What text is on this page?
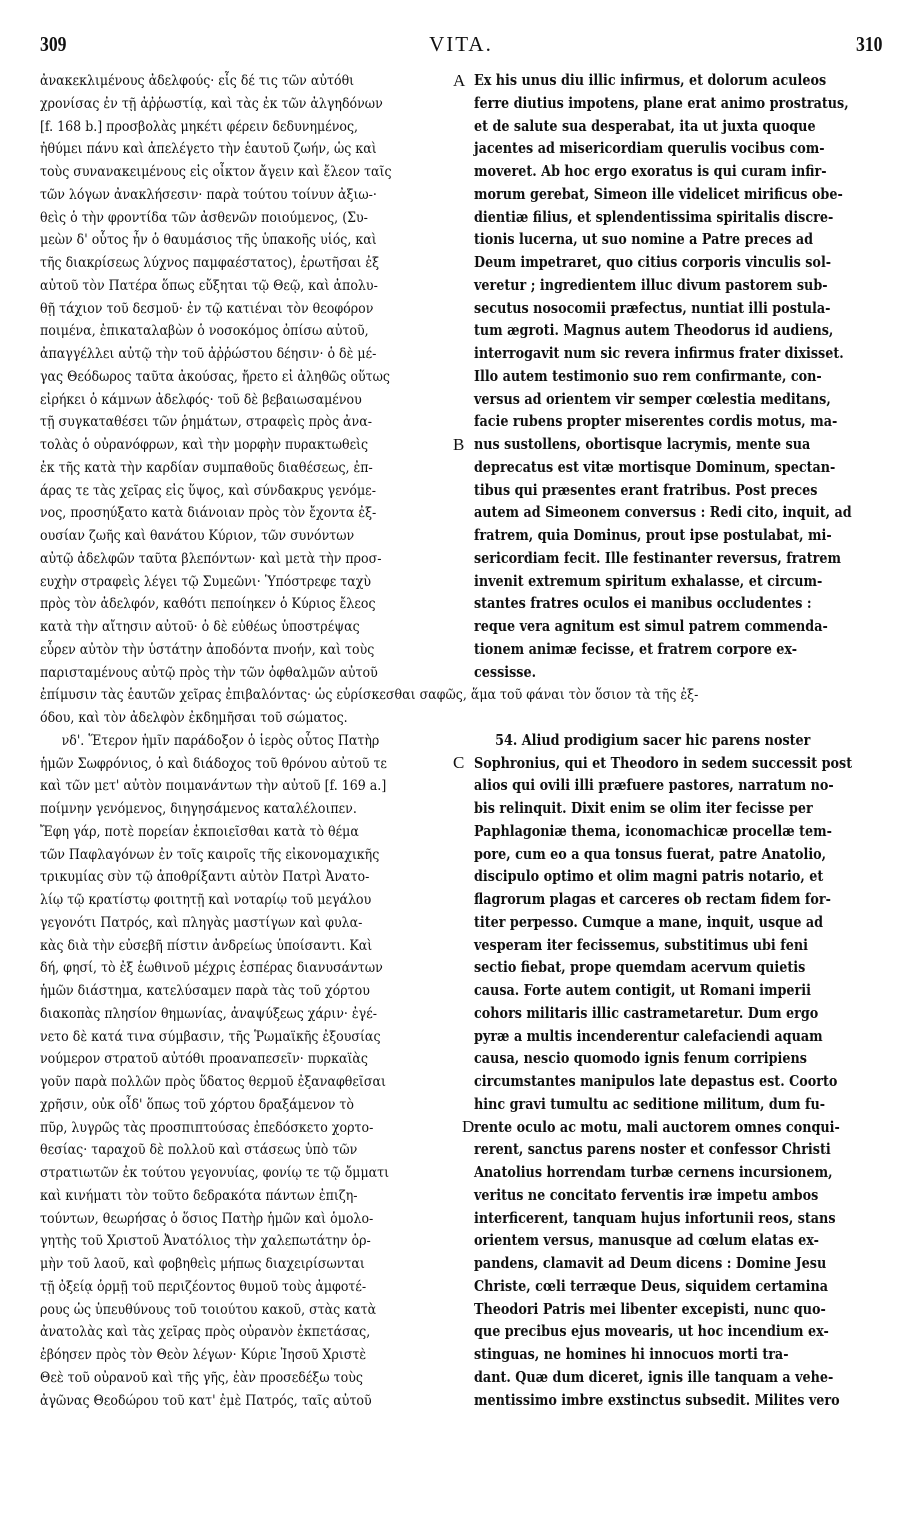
309	VITA.	310
A
B
C
D
ἀνακεκλιμένους ἀδελφούς· εἷς δέ τις τῶν αὐτόθι
χρονίσας ἐν τῇ ἀῤῥωστίᾳ, καὶ τὰς ἐκ τῶν ἀλγηδόνων
[f. 168 b.] προσβολὰς μηκέτι φέρειν δεδυνημένος,
ἠθύμει πάνυ καὶ ἀπελέγετο τὴν ἑαυτοῦ ζωήν, ὡς καὶ
τοὺς συνανακειμένους εἰς οἶκτον ἄγειν καὶ ἔλεον ταῖς
τῶν λόγων ἀνακλήσεσιν· παρὰ τούτου τοίνυν ἀξιω-·
θεὶς ὁ τὴν φροντίδα τῶν ἀσθενῶν ποιούμενος, (Συ-
μεὼν δ' οὗτος ἦν ὁ θαυμάσιος τῆς ὑπακοῆς υἱός, καὶ
τῆς διακρίσεως λύχνος παμφαέστατος), ἐρωτῆσαι ἐξ
αὐτοῦ τὸν Πατέρα ὅπως εὔξηται τῷ Θεῷ, καὶ ἀπολυ-
θῇ τάχιον τοῦ δεσμοῦ· ἐν τῷ κατιέναι τὸν θεοφόρον
ποιμένα, ἐπικαταλαβὼν ὁ νοσοκόμος ὀπίσω αὐτοῦ,
ἀπαγγέλλει αὐτῷ τὴν τοῦ ἀῤῥώστου δέησιν· ὁ δὲ μέ-
γας Θεόδωρος ταῦτα ἀκούσας, ἤρετο εἰ ἀληθῶς οὕτως
εἰρήκει ὁ κάμνων ἀδελφός· τοῦ δὲ βεβαιωσαμένου
τῇ συγκαταθέσει τῶν ῥημάτων, στραφεὶς πρὸς ἀνα-
τολὰς ὁ οὐρανόφρων, καὶ τὴν μορφὴν πυρακτωθεὶς
ἐκ τῆς κατὰ τὴν καρδίαν συμπαθοῦς διαθέσεως, ἐπ-
άρας τε τὰς χεῖρας εἰς ὕψος, καὶ σύνδακρυς γενόμε-
νος, προσηύξατο κατὰ διάνοιαν πρὸς τὸν ἔχοντα ἐξ-
ουσίαν ζωῆς καὶ θανάτου Κύριον, τῶν συνόντων
αὐτῷ ἀδελφῶν ταῦτα βλεπόντων· καὶ μετὰ τὴν προσ-
ευχὴν στραφεὶς λέγει τῷ Συμεῶνι· Ὑπόστρεφε ταχὺ
πρὸς τὸν ἀδελφόν, καθότι πεποίηκεν ὁ Κύριος ἔλεος
κατὰ τὴν αἴτησιν αὐτοῦ· ὁ δὲ εὐθέως ὑποστρέψας
εὗρεν αὐτὸν τὴν ὑστάτην ἀποδόντα πνοήν, καὶ τοὺς
παρισταμένους αὐτῷ πρὸς τὴν τῶν ὀφθαλμῶν αὐτοῦ
ἐπίμυσιν τὰς ἑαυτῶν χεῖρας ἐπιβαλόντας· ὡς εὑρίσκεσθαι σαφῶς, ἅμα τοῦ φάναι τὸν ὅσιον τὰ τῆς ἐξ-
όδου, καὶ τὸν ἀδελφὸν ἐκδημῆσαι τοῦ σώματος.
νδ'. Ἕτερον ἡμῖν παράδοξον ὁ ἱερὸς οὗτος Πατὴρ
ἡμῶν Σωφρόνιος, ὁ καὶ διάδοχος τοῦ θρόνου αὐτοῦ τε
καὶ τῶν μετ' αὐτὸν ποιμανάντων τὴν αὐτοῦ [f. 169 a.]
ποίμνην γενόμενος, διηγησάμενος καταλέλοιπεν.
Ἔφη γάρ, ποτὲ πορείαν ἐκποιεῖσθαι κατὰ τὸ θέμα
τῶν Παφλαγόνων ἐν τοῖς καιροῖς τῆς εἰκονομαχικῆς
τρικυμίας σὺν τῷ ἀποθρίξαντι αὐτὸν Πατρὶ Ἀνατο-
λίῳ τῷ κρατίστῳ φοιτητῇ καὶ νοταρίῳ τοῦ μεγάλου
γεγονότι Πατρός, καὶ πληγὰς μαστίγων καὶ φυλα-
κὰς διὰ τὴν εὐσεβῆ πίστιν ἀνδρείως ὑποίσαντι. Καὶ
δή, φησί, τὸ ἐξ ἑωθινοῦ μέχρις ἑσπέρας διανυσάντων
ἡμῶν διάστημα, κατελύσαμεν παρὰ τὰς τοῦ χόρτου
διακοπὰς πλησίον θημωνίας, ἀναψύξεως χάριν· ἐγέ-
νετο δὲ κατά τινα σύμβασιν, τῆς Ῥωμαϊκῆς ἐξουσίας
νούμερον στρατοῦ αὐτόθι προαναπεσεῖν· πυρκαϊὰς
γοῦν παρὰ πολλῶν πρὸς ὕδατος θερμοῦ ἐξαναφθεῖσαι
χρῆσιν, οὐκ οἶδ' ὅπως τοῦ χόρτου δραξάμενον τὸ
πῦρ, λυγρῶς τὰς προσπιπτούσας ἐπεδόσκετο χορτο-
θεσίας· ταραχοῦ δὲ πολλοῦ καὶ στάσεως ὑπὸ τῶν
στρατιωτῶν ἐκ τούτου γεγονυίας, φονίῳ τε τῷ ὄμματι
καὶ κινήματι τὸν τοῦτο δεδρακότα πάντων ἐπιζη-
τούντων, θεωρήσας ὁ ὅσιος Πατὴρ ἡμῶν καὶ ὁμολο-
γητὴς τοῦ Χριστοῦ Ἀνατόλιος τὴν χαλεπωτάτην ὁρ-
μὴν τοῦ λαοῦ, καὶ φοβηθεὶς μήπως διαχειρίσωνται
τῇ ὀξείᾳ ὁρμῇ τοῦ περιζέοντος θυμοῦ τοὺς ἀμφοτέ-
ρους ὡς ὑπευθύνους τοῦ τοιούτου κακοῦ, στὰς κατὰ
ἀνατολὰς καὶ τὰς χεῖρας πρὸς οὐρανὸν ἐκπετάσας,
ἐβόησεν πρὸς τὸν Θεὸν λέγων· Κύριε Ἰησοῦ Χριστὲ
Θεὲ τοῦ οὐρανοῦ καὶ τῆς γῆς, ἐὰν προσεδέξω τοὺς
ἀγῶνας Θεοδώρου τοῦ κατ' ἐμὲ Πατρός, ταῖς αὐτοῦ
Ex his unus diu illic infirmus, et dolorum aculeos
ferre diutius impotens, plane erat animo prostratus,
et de salute sua desperabat, ita ut juxta quoque
jacentes ad misericordiam querulis vocibus com-
moveret. Ab hoc ergo exoratus is qui curam infir-
morum gerebat, Simeon ille videlicet mirificus obe-
dientiæ filius, et splendentissima spiritalis discre-
tionis lucerna, ut suo nomine a Patre preces ad
Deum impetraret, quo citius corporis vinculis sol-
veretur ; ingredientem illuc divum pastorem sub-
secutus nosocomii præfectus, nuntiat illi postula-
tum ægroti. Magnus autem Theodorus id audiens,
interrogavit num sic revera infirmus frater dixisset.
Illo autem testimonio suo rem confirmante, con-
versus ad orientem vir semper cœlestia meditans,
facie rubens propter miserentes cordis motus, ma-
nus sustollens, obortisque lacrymis, mente sua
deprecatus est vitæ mortisque Dominum, spectan-
tibus qui præsentes erant fratribus. Post preces
autem ad Simeonem conversus : Redi cito, inquit, ad
fratrem, quia Dominus, prout ipse postulabat, mi-
sericordiam fecit. Ille festinanter reversus, fratrem
invenit extremum spiritum exhalasse, et circum-
stantes fratres oculos ei manibus occludentes :
reque vera agnitum est simul patrem commenda-
tionem animæ fecisse, et fratrem corpore ex-
cessisse.
54. Aliud prodigium sacer hic parens noster
Sophronius, qui et Theodoro in sedem successit post
alios qui ovili illi præfuere pastores, narratum no-
bis relinquit. Dixit enim se olim iter fecisse per
Paphlagoniæ thema, iconomachicæ procellæ tem-
pore, cum eo a qua tonsus fuerat, patre Anatolio,
discipulo optimo et olim magni patris notario, et
flagrorum plagas et carceres ob rectam fidem for-
titer perpesso. Cumque a mane, inquit, usque ad
vesperam iter fecissemus, substitimus ubi feni
sectio fiebat, prope quemdam acervum quietis
causa. Forte autem contigit, ut Romani imperii
cohors militaris illic castrametaretur. Dum ergo
pyræ a multis incenderentur calefaciendi aquam
causa, nescio quomodo ignis fenum corripiens
circumstantes manipulos late depastus est. Coorto
hinc gravi tumultu ac seditione militum, dum fu-
rente oculo ac motu, mali auctorem omnes conqui-
rerent, sanctus parens noster et confessor Christi
Anatolius horrendam turbæ cernens incursionem,
veritus ne concitato ferventis iræ impetu ambos
interficerent, tanquam hujus infortunii reos, stans
orientem versus, manusque ad cœlum elatas ex-
pandens, clamavit ad Deum dicens : Domine Jesu
Christe, cœli terræque Deus, siquidem certamina
Theodori Patris mei libenter excepisti, nunc quo-
que precibus ejus movearis, ut hoc incendium ex-
stinguas, ne homines hi innocuos morti tra-
dant. Quæ dum diceret, ignis ille tanquam a vehe-
mentissimo imbre exstinctus subsedit. Milites vero
